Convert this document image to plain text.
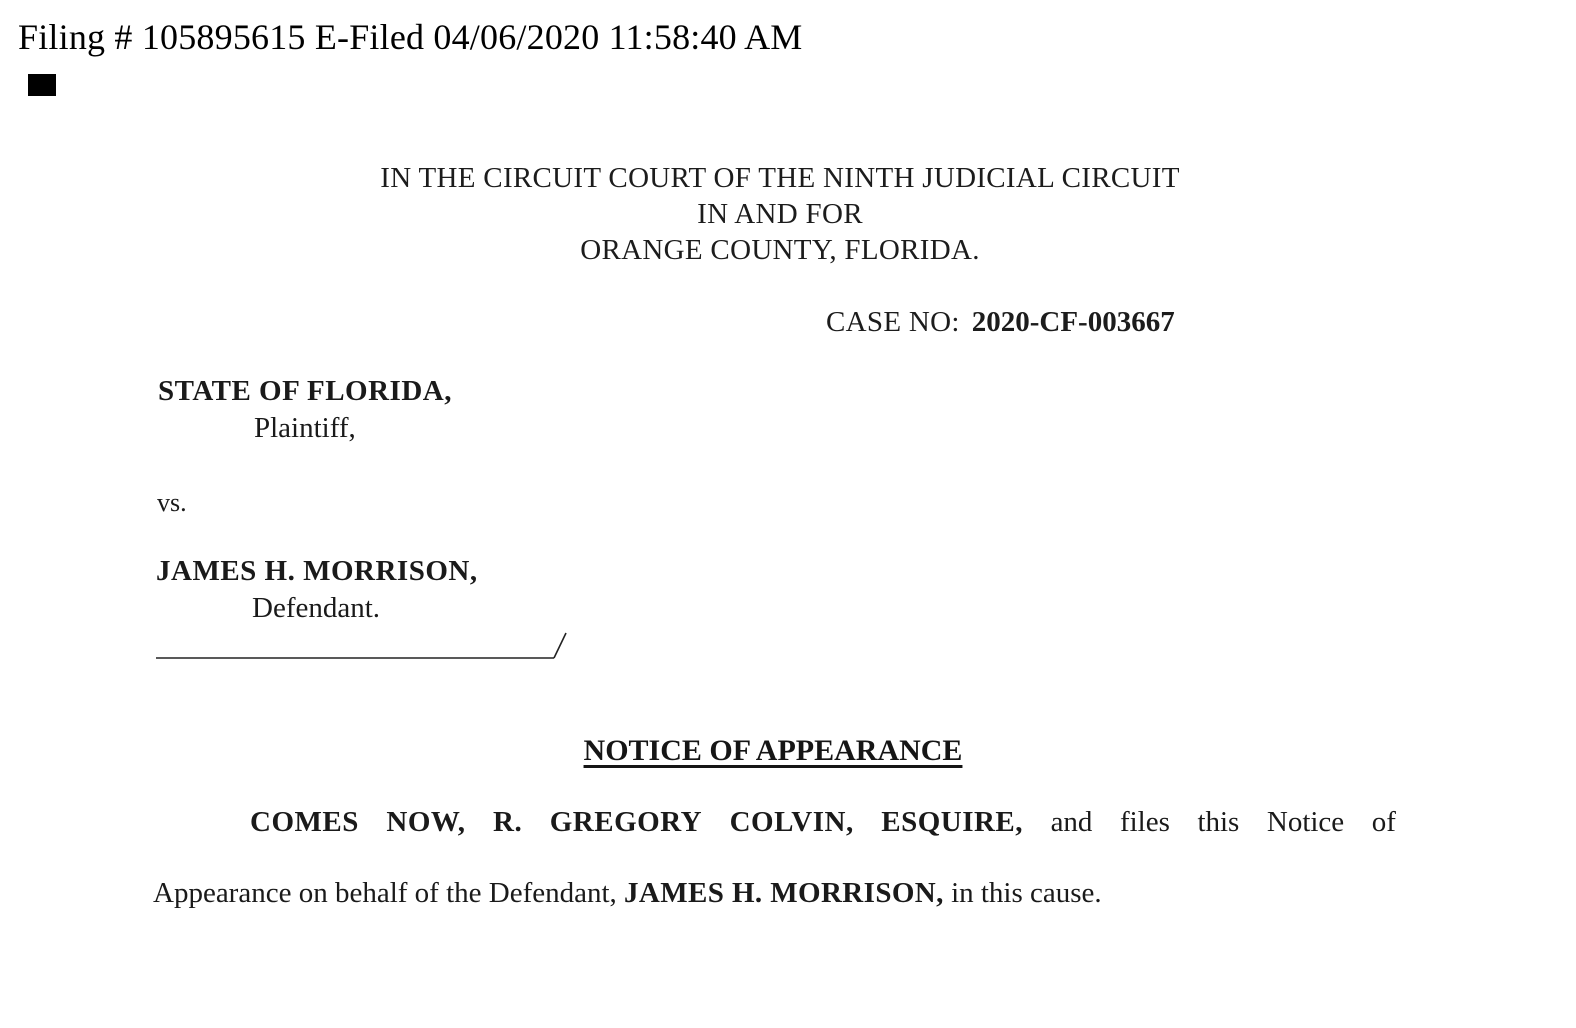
Filing # 105895615 E-Filed 04/06/2020 11:58:40 AM
IN THE CIRCUIT COURT OF THE NINTH JUDICIAL CIRCUIT
IN AND FOR
ORANGE COUNTY, FLORIDA.
CASE NO: 2020-CF-003667
STATE OF FLORIDA,
Plaintiff,
vs.
JAMES H. MORRISON,
Defendant.
NOTICE OF APPEARANCE
COMES NOW, R. GREGORY COLVIN, ESQUIRE, and files this Notice of
Appearance on behalf of the Defendant, JAMES H. MORRISON, in this cause.
